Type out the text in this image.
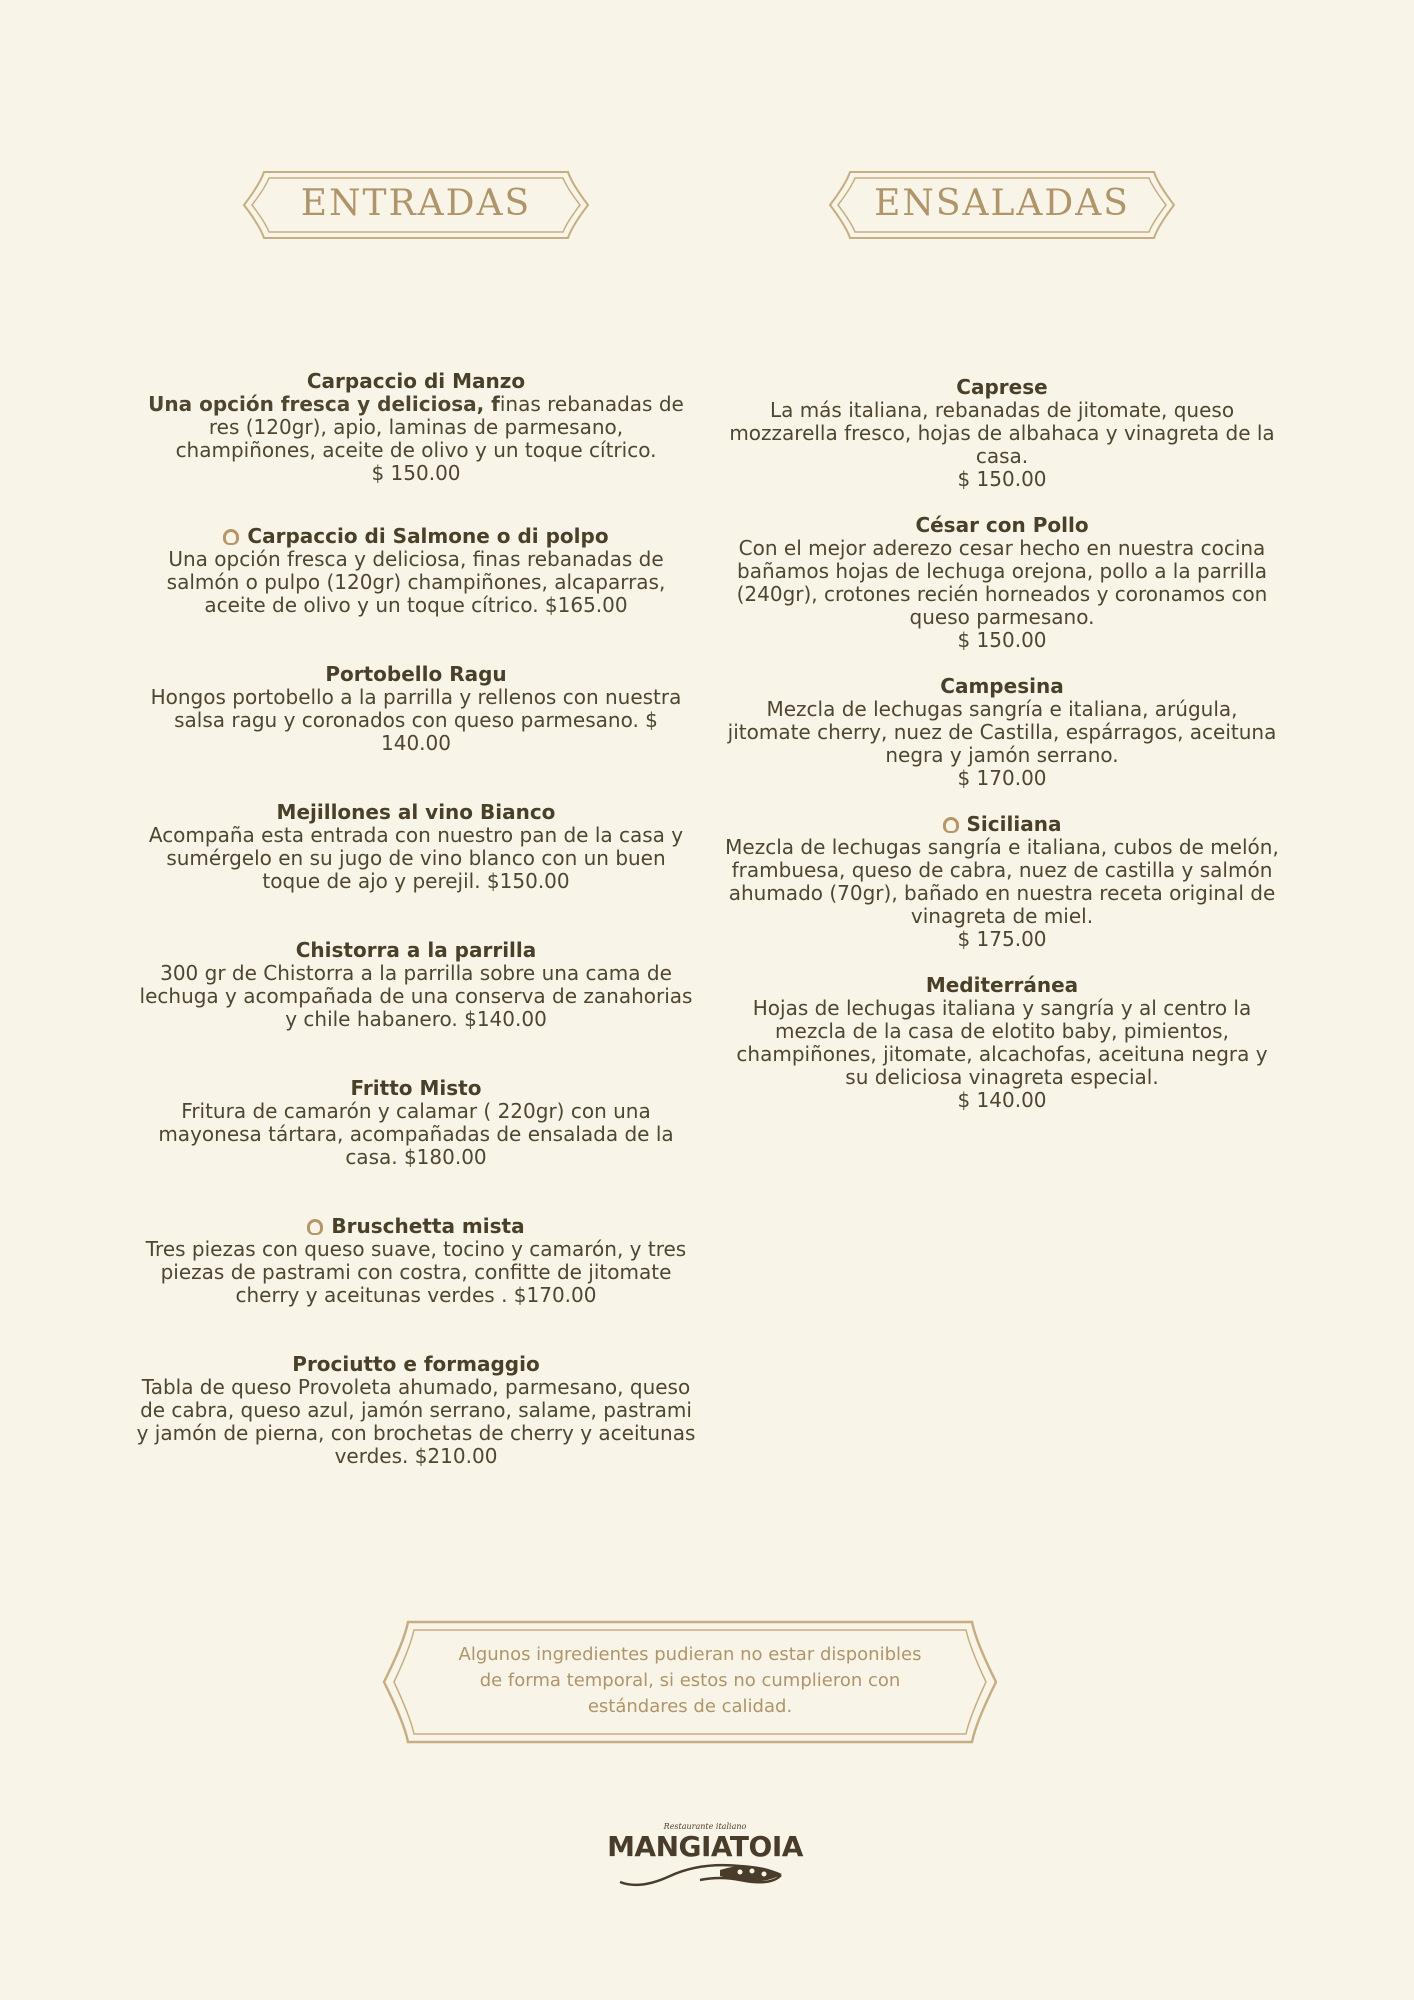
ENTRADAS	ENSALADAS
Carpaccio di Manzo
Una opción fresca y deliciosa, finas rebanadas de res (120gr), apio, laminas de parmesano, champiñones, aceite de olivo y un toque cítrico.
$ 150.00
Carpaccio di Salmone o di polpo
Una opción fresca y deliciosa, finas rebanadas de salmón o pulpo (120gr) champiñones, alcaparras, aceite de olivo y un toque cítrico. $165.00
Portobello Ragu
Hongos portobello a la parrilla y rellenos con nuestra salsa ragu y coronados con queso parmesano. $ 140.00
Mejillones al vino Bianco
Acompaña esta entrada con nuestro pan de la casa y sumérgelo en su jugo de vino blanco con un buen toque de ajo y perejil. $150.00
Chistorra a la parrilla
300 gr de Chistorra a la parrilla sobre una cama de lechuga y acompañada de una conserva de zanahorias y chile habanero. $140.00
Fritto Misto
Fritura de camarón y calamar ( 220gr) con una mayonesa tártara, acompañadas de ensalada de la casa. $180.00
Bruschetta mista
Tres piezas con queso suave, tocino y camarón, y tres piezas de pastrami con costra, confitte de jitomate cherry y aceitunas verdes . $170.00
Prociutto e formaggio
Tabla de queso Provoleta ahumado, parmesano, queso de cabra, queso azul, jamón serrano, salame, pastrami y jamón de pierna, con brochetas de cherry y aceitunas verdes. $210.00
Caprese
La más italiana, rebanadas de jitomate, queso mozzarella fresco, hojas de albahaca y vinagreta de la casa.
$ 150.00
César con Pollo
Con el mejor aderezo cesar hecho en nuestra cocina bañamos hojas de lechuga orejona, pollo a la parrilla (240gr), crotones recién horneados y coronamos con queso parmesano.
$ 150.00
Campesina
Mezcla de lechugas sangría e italiana, arúgula, jitomate cherry, nuez de Castilla, espárragos, aceituna negra y jamón serrano.
$ 170.00
Siciliana
Mezcla de lechugas sangría e italiana, cubos de melón, frambuesa, queso de cabra, nuez de castilla y salmón ahumado (70gr), bañado en nuestra receta original de vinagreta de miel.
$ 175.00
Mediterránea
Hojas de lechugas italiana y sangría y al centro la mezcla de la casa de elotito baby, pimientos, champiñones, jitomate, alcachofas, aceituna negra y su deliciosa vinagreta especial.
$ 140.00
Algunos ingredientes pudieran no estar disponibles
de forma temporal, si estos no cumplieron con
estándares de calidad.
Restaurante italiano
MANGIATOIA
